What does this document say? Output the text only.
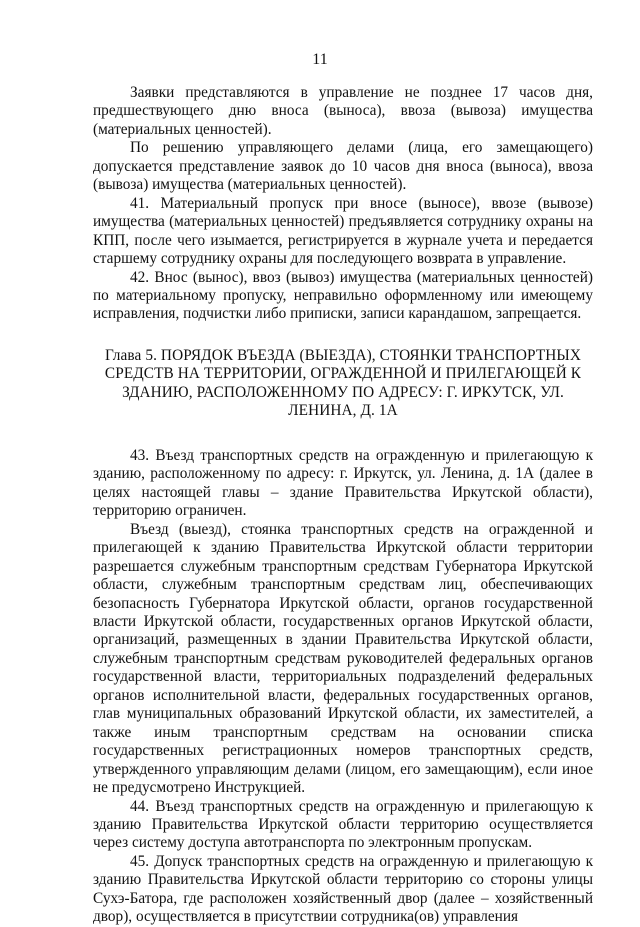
11

Заявки представляются в управление не позднее 17 часов дня, предшествующего дню вноса (выноса), ввоза (вывоза) имущества (материальных ценностей).

По решению управляющего делами (лица, его замещающего) допускается представление заявок до 10 часов дня вноса (выноса), ввоза (вывоза) имущества (материальных ценностей).

41. Материальный пропуск при вносе (выносе), ввозе (вывозе) имущества (материальных ценностей) предъявляется сотруднику охраны на КПП, после чего изымается, регистрируется в журнале учета и передается старшему сотруднику охраны для последующего возврата в управление.

42. Внос (вынос), ввоз (вывоз) имущества (материальных ценностей) по материальному пропуску, неправильно оформленному или имеющему исправления, подчистки либо приписки, записи карандашом, запрещается.

Глава 5. ПОРЯДОК ВЪЕЗДА (ВЫЕЗДА), СТОЯНКИ ТРАНСПОРТНЫХ СРЕДСТВ НА ТЕРРИТОРИИ, ОГРАЖДЕННОЙ И ПРИЛЕГАЮЩЕЙ К ЗДАНИЮ, РАСПОЛОЖЕННОМУ ПО АДРЕСУ: Г. ИРКУТСК, УЛ. ЛЕНИНА, Д. 1А

43. Въезд транспортных средств на огражденную и прилегающую к зданию, расположенному по адресу: г. Иркутск, ул. Ленина, д. 1А (далее в целях настоящей главы – здание Правительства Иркутской области), территорию ограничен.

Въезд (выезд), стоянка транспортных средств на огражденной и прилегающей к зданию Правительства Иркутской области территории разрешается служебным транспортным средствам Губернатора Иркутской области, служебным транспортным средствам лиц, обеспечивающих безопасность Губернатора Иркутской области, органов государственной власти Иркутской области, государственных органов Иркутской области, организаций, размещенных в здании Правительства Иркутской области, служебным транспортным средствам руководителей федеральных органов государственной власти, территориальных подразделений федеральных органов исполнительной власти, федеральных государственных органов, глав муниципальных образований Иркутской области, их заместителей, а также иным транспортным средствам на основании списка государственных регистрационных номеров транспортных средств, утвержденного управляющим делами (лицом, его замещающим), если иное не предусмотрено Инструкцией.

44. Въезд транспортных средств на огражденную и прилегающую к зданию Правительства Иркутской области территорию осуществляется через систему доступа автотранспорта по электронным пропускам.

45. Допуск транспортных средств на огражденную и прилегающую к зданию Правительства Иркутской области территорию со стороны улицы Сухэ-Батора, где расположен хозяйственный двор (далее – хозяйственный двор), осуществляется в присутствии сотрудника(ов) управления
